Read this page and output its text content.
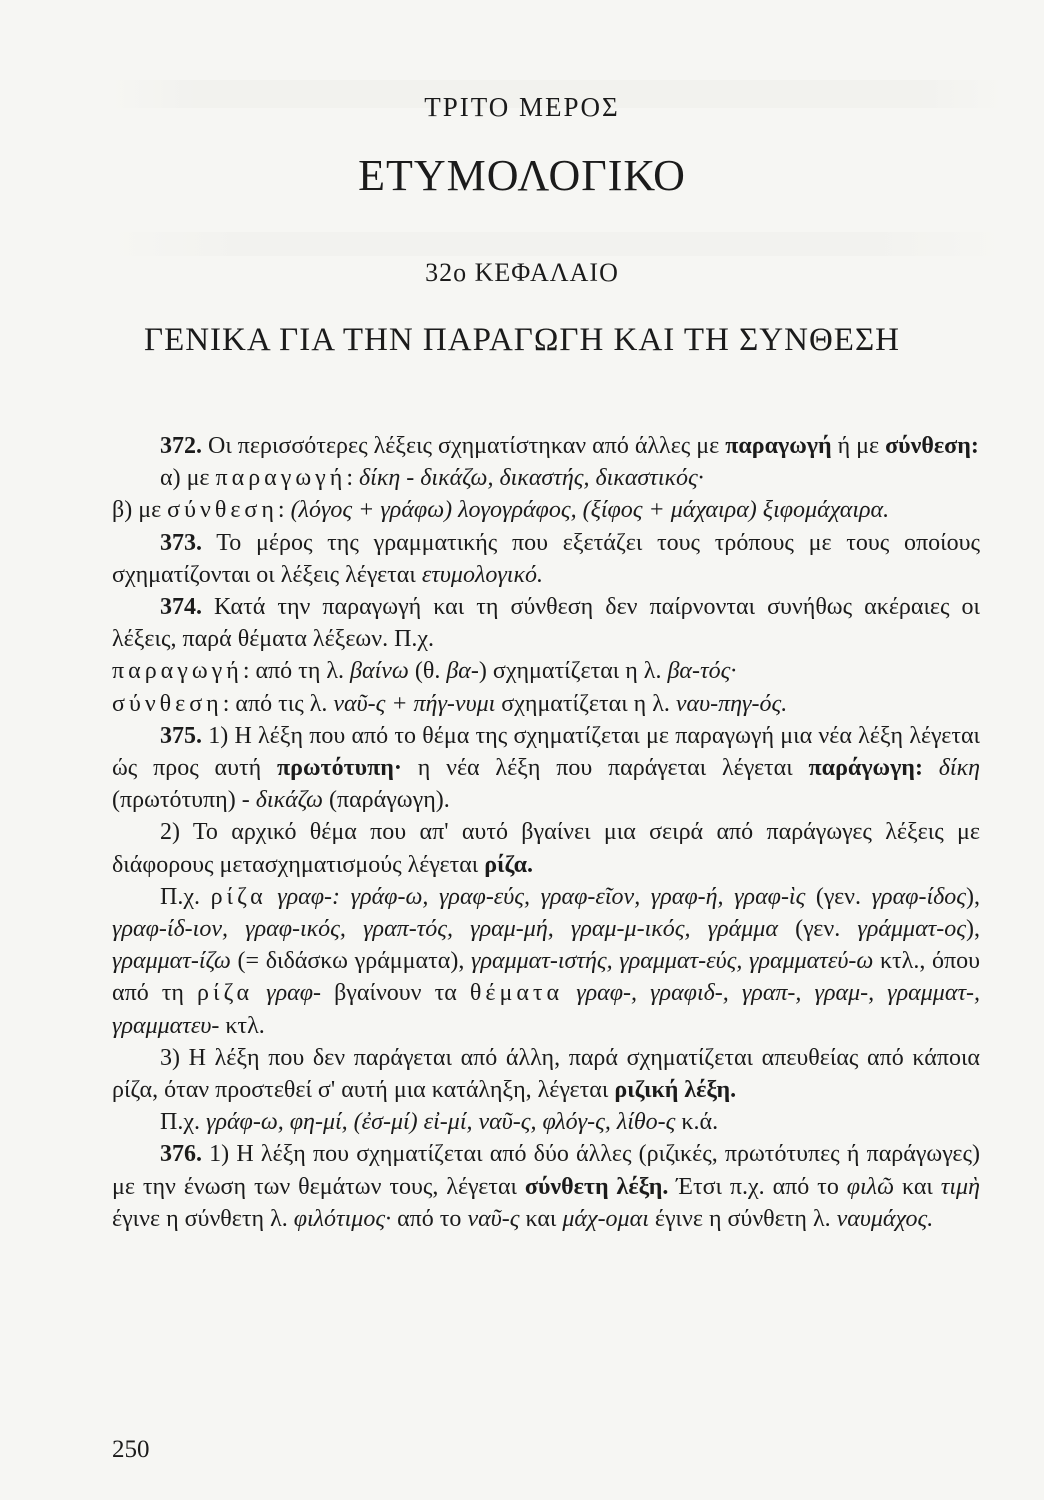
ΤΡΙΤΟ ΜΕΡΟΣ
ΕΤΥΜΟΛΟΓΙΚΟ
32ο ΚΕΦΑΛΑΙΟ
ΓΕΝΙΚΑ ΓΙΑ ΤΗΝ ΠΑΡΑΓΩΓΗ ΚΑΙ ΤΗ ΣΥΝΘΕΣΗ

372. Οι περισσότερες λέξεις σχηματίστηκαν από άλλες με παραγωγή ή με σύνθεση:

α) με παραγωγή: δίκη - δικάζω, δικαστής, δικαστικός·

β) με σύνθεση: (λόγος + γράφω) λογογράφος, (ξίφος + μάχαιρα) ξιφομάχαιρα.

373. Το μέρος της γραμματικής που εξετάζει τους τρόπους με τους οποίους σχηματίζονται οι λέξεις λέγεται ετυμολογικό.

374. Κατά την παραγωγή και τη σύνθεση δεν παίρνονται συνήθως ακέραιες οι λέξεις, παρά θέματα λέξεων. Π.χ.

παραγωγή: από τη λ. βαίνω (θ. βα-) σχηματίζεται η λ. βα-τός·

σύνθεση: από τις λ. ναῦ-ς + πήγ-νυμι σχηματίζεται η λ. ναυ-πηγ-ός.

375. 1) Η λέξη που από το θέμα της σχηματίζεται με παραγωγή μια νέα λέξη λέγεται ώς προς αυτή πρωτότυπη· η νέα λέξη που παράγεται λέγεται παράγωγη: δίκη (πρωτότυπη) - δικάζω (παράγωγη).

2) Το αρχικό θέμα που απ' αυτό βγαίνει μια σειρά από παράγωγες λέξεις με διάφορους μετασχηματισμούς λέγεται ρίζα.

Π.χ. ρίζα γραφ-: γράφ-ω, γραφ-εύς, γραφ-εῖον, γραφ-ή, γραφ-ὶς (γεν. γραφ-ίδος), γραφ-ίδ-ιον, γραφ-ικός, γραπ-τός, γραμ-μή, γραμ-μ-ικός, γράμμα (γεν. γράμματ-ος), γραμματ-ίζω (= διδάσκω γράμματα), γραμματ-ιστής, γραμματ-εύς, γραμματεύ-ω κτλ., όπου από τη ρίζα γραφ- βγαίνουν τα θέματα γραφ-, γραφιδ-, γραπ-, γραμ-, γραμματ-, γραμματευ- κτλ.

3) Η λέξη που δεν παράγεται από άλλη, παρά σχηματίζεται απευθείας από κάποια ρίζα, όταν προστεθεί σ' αυτή μια κατάληξη, λέγεται ριζική λέξη.

Π.χ. γράφ-ω, φη-μί, (ἐσ-μί) εἰ-μί, ναῦ-ς, φλόγ-ς, λίθο-ς κ.ά.

376. 1) Η λέξη που σχηματίζεται από δύο άλλες (ριζικές, πρωτότυπες ή παράγωγες) με την ένωση των θεμάτων τους, λέγεται σύνθετη λέξη. Έτσι π.χ. από το φιλῶ και τιμὴ έγινε η σύνθετη λ. φιλότιμος· από το ναῦ-ς και μάχ-ομαι έγινε η σύνθετη λ. ναυμάχος.

250
